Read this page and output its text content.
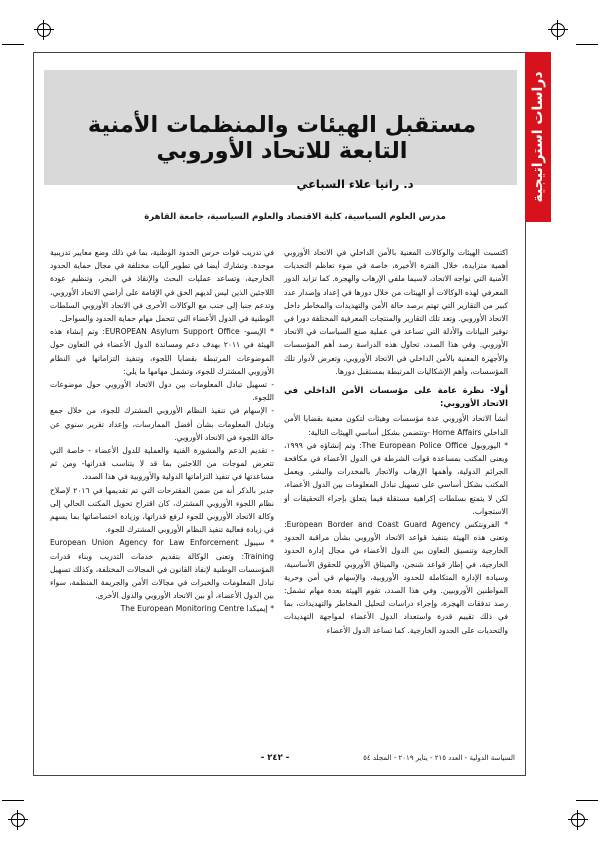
دراسات استراتيجية
مستقبل الهيئات والمنظمات الأمنية التابعة للاتحاد الأوروبي
د. رانيا علاء السباعي
مدرس العلوم السياسية، كلية الاقتصاد والعلوم السياسية، جامعة القاهرة

اكتسبت الهيئات والوكالات المعنية بالأمن الداخلي في الاتحاد الأوروبي أهمية متزايدة، خلال الفترة الأخيرة، خاصة في ضوء تعاظم التحديات الأمنية التي تواجه الاتحاد، لاسيما ملفي الإرهاب والهجرة. كما تزايد الدور المعرفي لهذه الوكالات أو الهيئات من خلال دورها في إعداد وإصدار عدد كبير من التقارير التي تهتم برصد حالة الأمن والتهديدات والمخاطر داخل الاتحاد الأوروبي. وتعد تلك التقارير والمنتجات المعرفية المختلفة دورا في توفير البيانات والأدلة التي تساعد في عملية صنع السياسات في الاتحاد الأوروبي. وفي هذا الصدد، تحاول هذه الدراسة رصد أهم المؤسسات والأجهزة المعنية بالأمن الداخلي في الاتحاد الأوروبي، وتعرض لأدوار تلك المؤسسات، وأهم الإشكاليات المرتبطة بمستقبل دورها.

أولا- نظرة عامة على مؤسسات الأمن الداخلي في الاتحاد الأوروبي:

أنشأ الاتحاد الأوروبي عدة مؤسسات وهيئات لتكون معنية بقضايا الأمن الداخلي Home Affairs -وتتضمن بشكل أساسي الهيئات التالية:

* اليوروبول The European Police Office: وتم إنشاؤه في ١٩٩٩، ويعنى المكتب بمساعدة قوات الشرطة في الدول الأعضاء في مكافحة الجرائم الدولية، وأهمها الإرهاب والاتجار بالمخدرات والبشر. ويعمل المكتب بشكل أساسي على تسهيل تبادل المعلومات بين الدول الأعضاء، لكن لا يتمتع بسلطات إكراهية مستقلة فيما يتعلق بإجراء التحقيقات أو الاستجواب.

* الفرونتكس European Border and Coast Guard Agency: وتعنى هذه الهيئة بتنفيذ قواعد الاتحاد الأوروبي بشأن مراقبة الحدود الخارجية وتنسيق التعاون بين الدول الأعضاء في مجال إدارة الحدود الخارجية، في إطار قواعد شنجن، والميثاق الأوروبي للحقوق الأساسية، وسيادة الإدارة المتكاملة للحدود الأوروبية، والإسهام في أمن وحرية المواطنين الأوروبيين. وفي هذا الصدد، تقوم الهيئة بعدة مهام تشمل: رصد تدفقات الهجرة، وإجراء دراسات لتحليل المخاطر والتهديدات، بما في ذلك تقييم قدرة واستعداد الدول الأعضاء لمواجهة التهديدات والتحديات على الحدود الخارجية. كما تساعد الدول الأعضاء

في تدريب قوات حرس الحدود الوطنية، بما في ذلك وضع معايير تدريبية موحدة. وتشارك أيضا في تطوير آليات مختلفة في مجال حماية الحدود الخارجية، وتساعد عمليات البحث والإنقاذ في البحر، وتنظيم عودة اللاجئين الذين ليس لديهم الحق في الإقامة على أراضي الاتحاد الأوروبي، وتدعم جنبا إلى جنب مع الوكالات الأخرى في الاتحاد الأوروبي السلطات الوطنية في الدول الأعضاء التي تتحمل مهام حماية الحدود والسواحل.

* الإيسو- EUROPEAN Asylum Support Office: وتم إنشاء هذه الهيئة في ٢٠١١ بهدف دعم ومساندة الدول الأعضاء في التعاون حول الموضوعات المرتبطة بقضايا اللجوء، وتنفيذ التزاماتها في النظام الأوروبي المشترك للجوء، وتشمل مهامها ما يلي:

- تسهيل تبادل المعلومات بين دول الاتحاد الأوروبي حول موضوعات اللجوء.

- الإسهام في تنفيذ النظام الأوروبي المشترك للجوء، من خلال جمع وتبادل المعلومات بشأن أفضل الممارسات، وإعداد تقرير سنوي عن حالة اللجوء في الاتحاد الأوروبي.

- تقديم الدعم والمشورة الفنية والعملية للدول الأعضاء - خاصة التي تتعرض لموجات من اللاجئين بما قد لا يتناسب قدراتها- ومن ثم مساعدتها في تنفيذ التزاماتها الدولية والأوروبية في هذا الصدد.

جدير بالذكر أنه من ضمن المقترحات التي تم تقديمها في ٢٠١٦ لإصلاح نظام اللجوء الأوروبي المشترك، كان اقتراح تحويل المكتب الحالي إلى وكالة الاتحاد الأوروبي للجوء لرفع قدراتها، وزيادة اختصاصاتها بما يسهم في زيادة فعالية تنفيذ النظام الأوروبي المشترك للجوء.

* سيبول European Union Agency for Law Enforcement Training: وتعنى الوكالة بتقديم خدمات التدريب وبناء قدرات المؤسسات الوطنية لإنفاذ القانون في المجالات المختلفة، وكذلك تسهيل تبادل المعلومات والخبرات في مجالات الأمن والجريمة المنظمة، سواء بين الدول الأعضاء، أو بين الاتحاد الأوروبي والدول الأخرى.

* إيميكدا The European Monitoring Centre

السياسة الدولية - العدد ٢١٥ - يناير ٢٠١٩ - المجلد ٥٤
- ٢٤٢ -
